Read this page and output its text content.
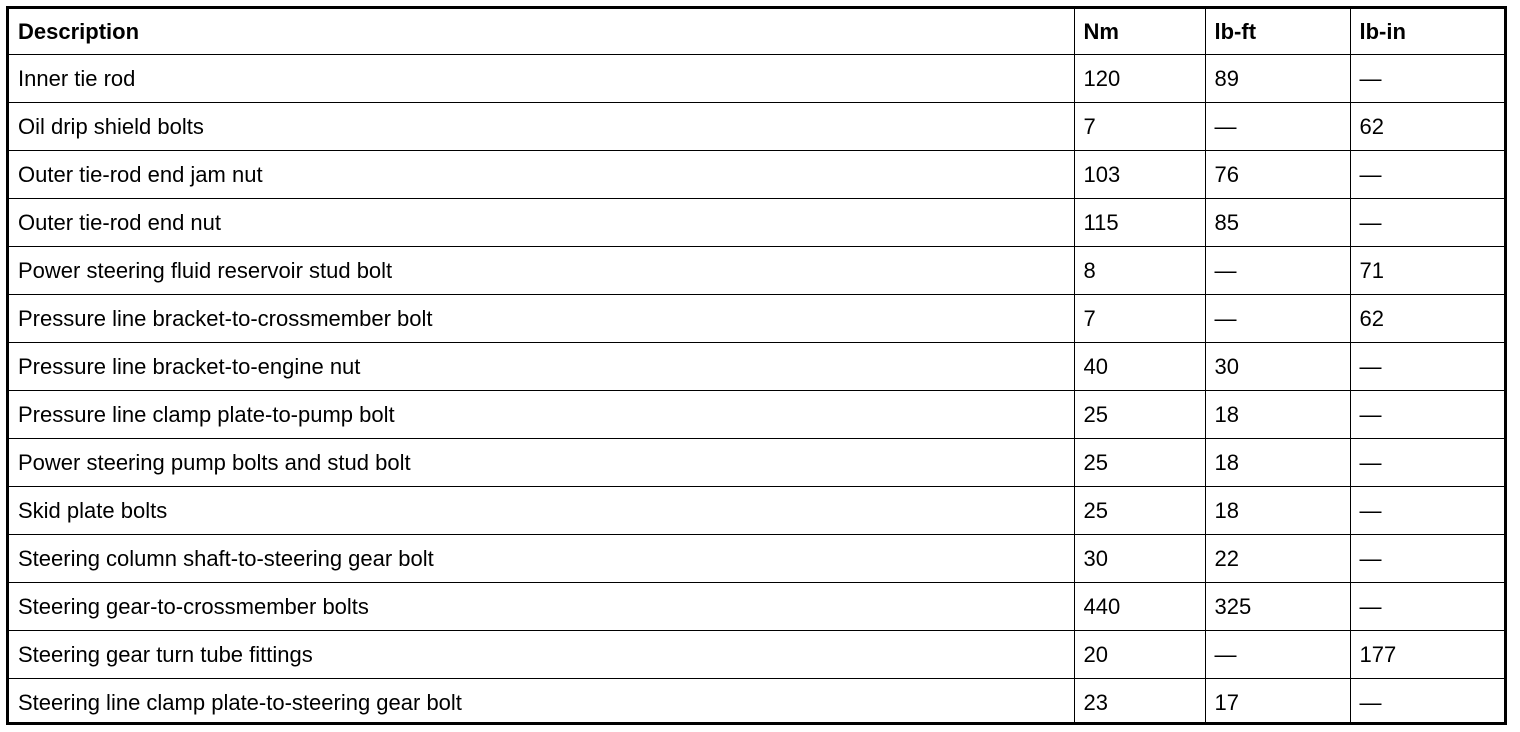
Description	Nm	lb-ft	lb-in
Inner tie rod	120	89	—
Oil drip shield bolts	7	—	62
Outer tie-rod end jam nut	103	76	—
Outer tie-rod end nut	115	85	—
Power steering fluid reservoir stud bolt	8	—	71
Pressure line bracket-to-crossmember bolt	7	—	62
Pressure line bracket-to-engine nut	40	30	—
Pressure line clamp plate-to-pump bolt	25	18	—
Power steering pump bolts and stud bolt	25	18	—
Skid plate bolts	25	18	—
Steering column shaft-to-steering gear bolt	30	22	—
Steering gear-to-crossmember bolts	440	325	—
Steering gear turn tube fittings	20	—	177
Steering line clamp plate-to-steering gear bolt	23	17	—
